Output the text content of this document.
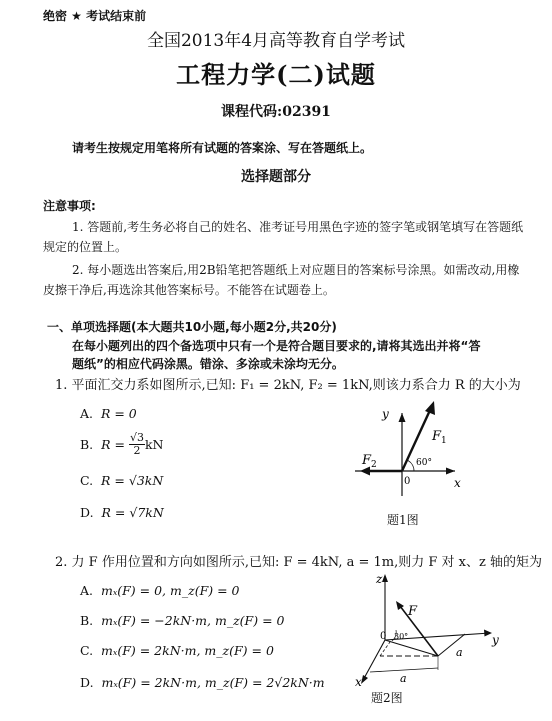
绝密 ★ 考试结束前
全国2013年4月高等教育自学考试
工程力学(二)试题
课程代码:02391
请考生按规定用笔将所有试题的答案涂、写在答题纸上。
选择题部分
注意事项:
1. 答题前,考生务必将自己的姓名、准考证号用黑色字迹的签字笔或钢笔填写在答题纸
规定的位置上。
2. 每小题选出答案后,用2B铅笔把答题纸上对应题目的答案标号涂黑。如需改动,用橡
皮擦干净后,再选涂其他答案标号。不能答在试题卷上。
一、单项选择题(本大题共10小题,每小题2分,共20分)
在每小题列出的四个备选项中只有一个是符合题目要求的,请将其选出并将“答
题纸”的相应代码涂黑。错涂、多涂或未涂均无分。
1. 平面汇交力系如图所示,已知: F₁ = 2kN, F₂ = 1kN,则该力系合力 R 的大小为
A. R = 0
B.
R =
$\frac{√3}{2}$ kN
C. R = √3kN
D. R = √7kN
y
x
0
$F_1$
$F_2$	60°
题1图
2. 力 F 作用位置和方向如图所示,已知: F = 4kN, a = 1m,则力 F 对 x、z 轴的矩为
A. mₓ(F) = 0, m_z(F) = 0
B. mₓ(F) = −2kN·m, m_z(F) = 0
C. mₓ(F) = 2kN·m, m_z(F) = 0
D. mₓ(F) = 2kN·m, m_z(F) = 2√2kN·m
z
y
x
0
F
30°
a
a
题2图
